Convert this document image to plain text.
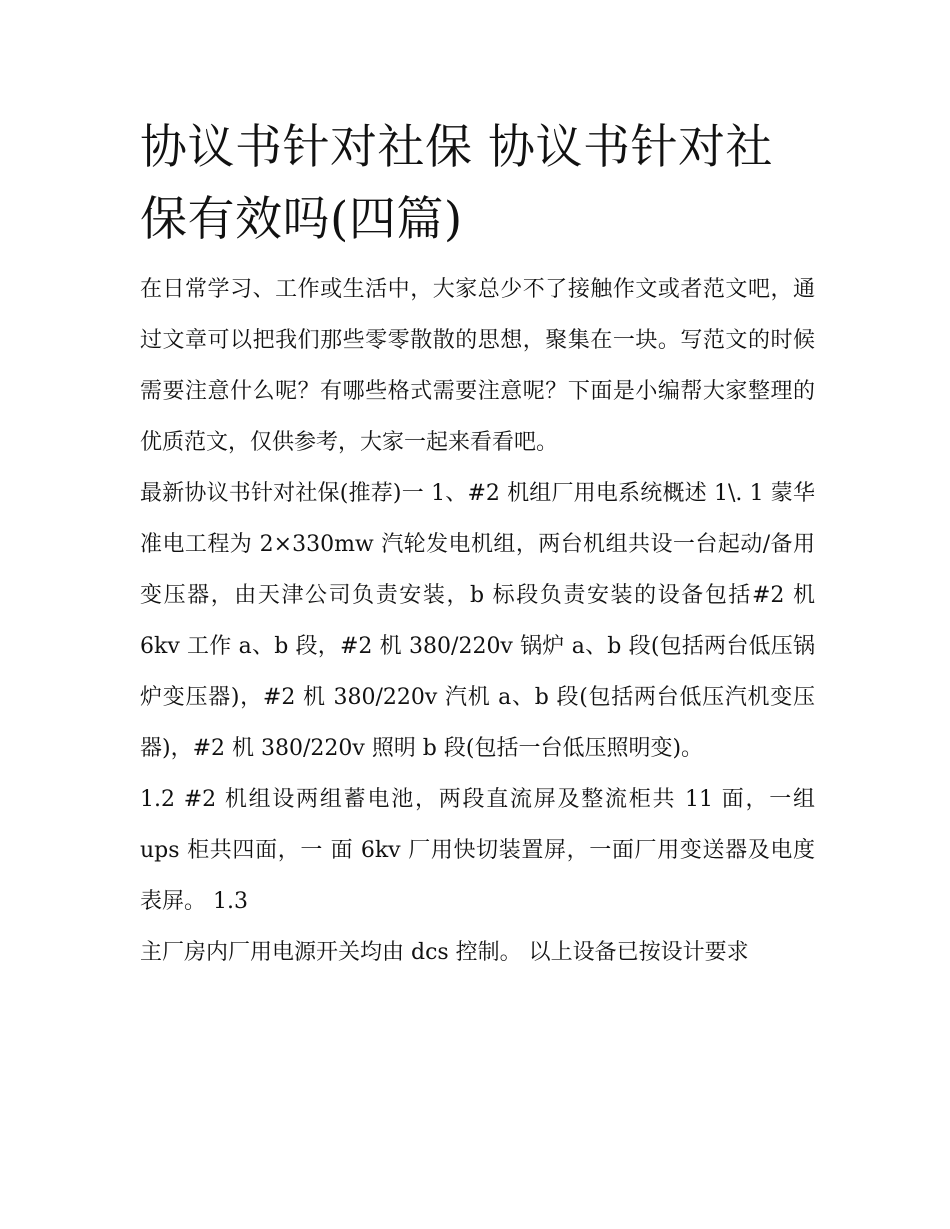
协议书针对社保 协议书针对社保有效吗(四篇)

在日常学习、工作或生活中，大家总少不了接触作文或者范文吧，通过文章可以把我们那些零零散散的思想，聚集在一块。写范文的时候需要注意什么呢？有哪些格式需要注意呢？下面是小编帮大家整理的优质范文，仅供参考，大家一起来看看吧。

最新协议书针对社保(推荐)一 1、#2 机组厂用电系统概述 1\. 1 蒙华准电工程为 2×330mw 汽轮发电机组，两台机组共设一台起动/备用变压器，由天津公司负责安装，b 标段负责安装的设备包括#2 机 6kv 工作 a、b 段，#2 机 380/220v 锅炉 a、b 段(包括两台低压锅炉变压器)，#2 机 380/220v 汽机 a、b 段(包括两台低压汽机变压器)，#2 机 380/220v 照明 b 段(包括一台低压照明变)。

1.2 #2 机组设两组蓄电池，两段直流屏及整流柜共 11 面，一组 ups 柜共四面，一 面 6kv 厂用快切装置屏，一面厂用变送器及电度表屏。 1.3

主厂房内厂用电源开关均由 dcs 控制。 以上设备已按设计要求
